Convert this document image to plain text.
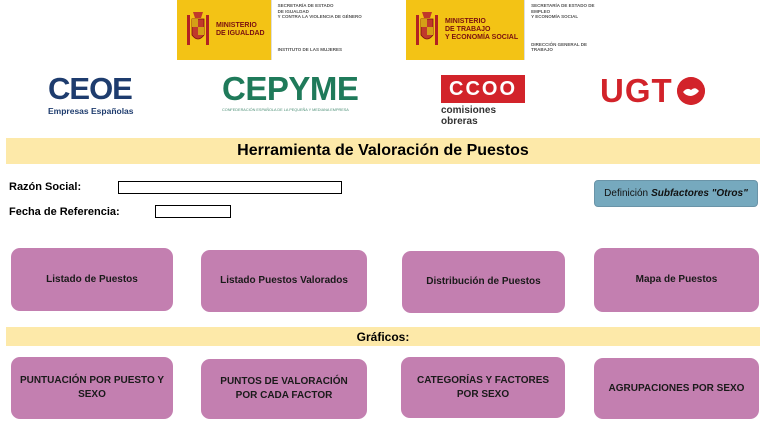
MINISTERIO
DE IGUALDAD
SECRETARÍA DE ESTADO
DE IGUALDAD
Y CONTRA LA VIOLENCIA DE GÉNERO
INSTITUTO DE LAS MUJERES
MINISTERIO
DE TRABAJO
Y ECONOMÍA SOCIAL
SECRETARÍA DE ESTADO DE EMPLEO
Y ECONOMÍA SOCIAL
DIRECCIÓN GENERAL DE TRABAJO
CEOE
Empresas Españolas
CEPYME
CONFEDERACIÓN ESPAÑOLA DE LA PEQUEÑA Y MEDIANA EMPRESA
CCOO
comisiones obreras
UGT
Herramienta de Valoración de Puestos
Razón Social:
Fecha de Referencia:
Definición Subfactores "Otros"
Listado de Puestos	Listado Puestos Valorados	Distribución de Puestos	Mapa de Puestos
Gráficos:
PUNTUACIÓN POR PUESTO Y SEXO
PUNTOS DE VALORACIÓN POR CADA FACTOR
CATEGORÍAS Y FACTORES POR SEXO
AGRUPACIONES POR SEXO
